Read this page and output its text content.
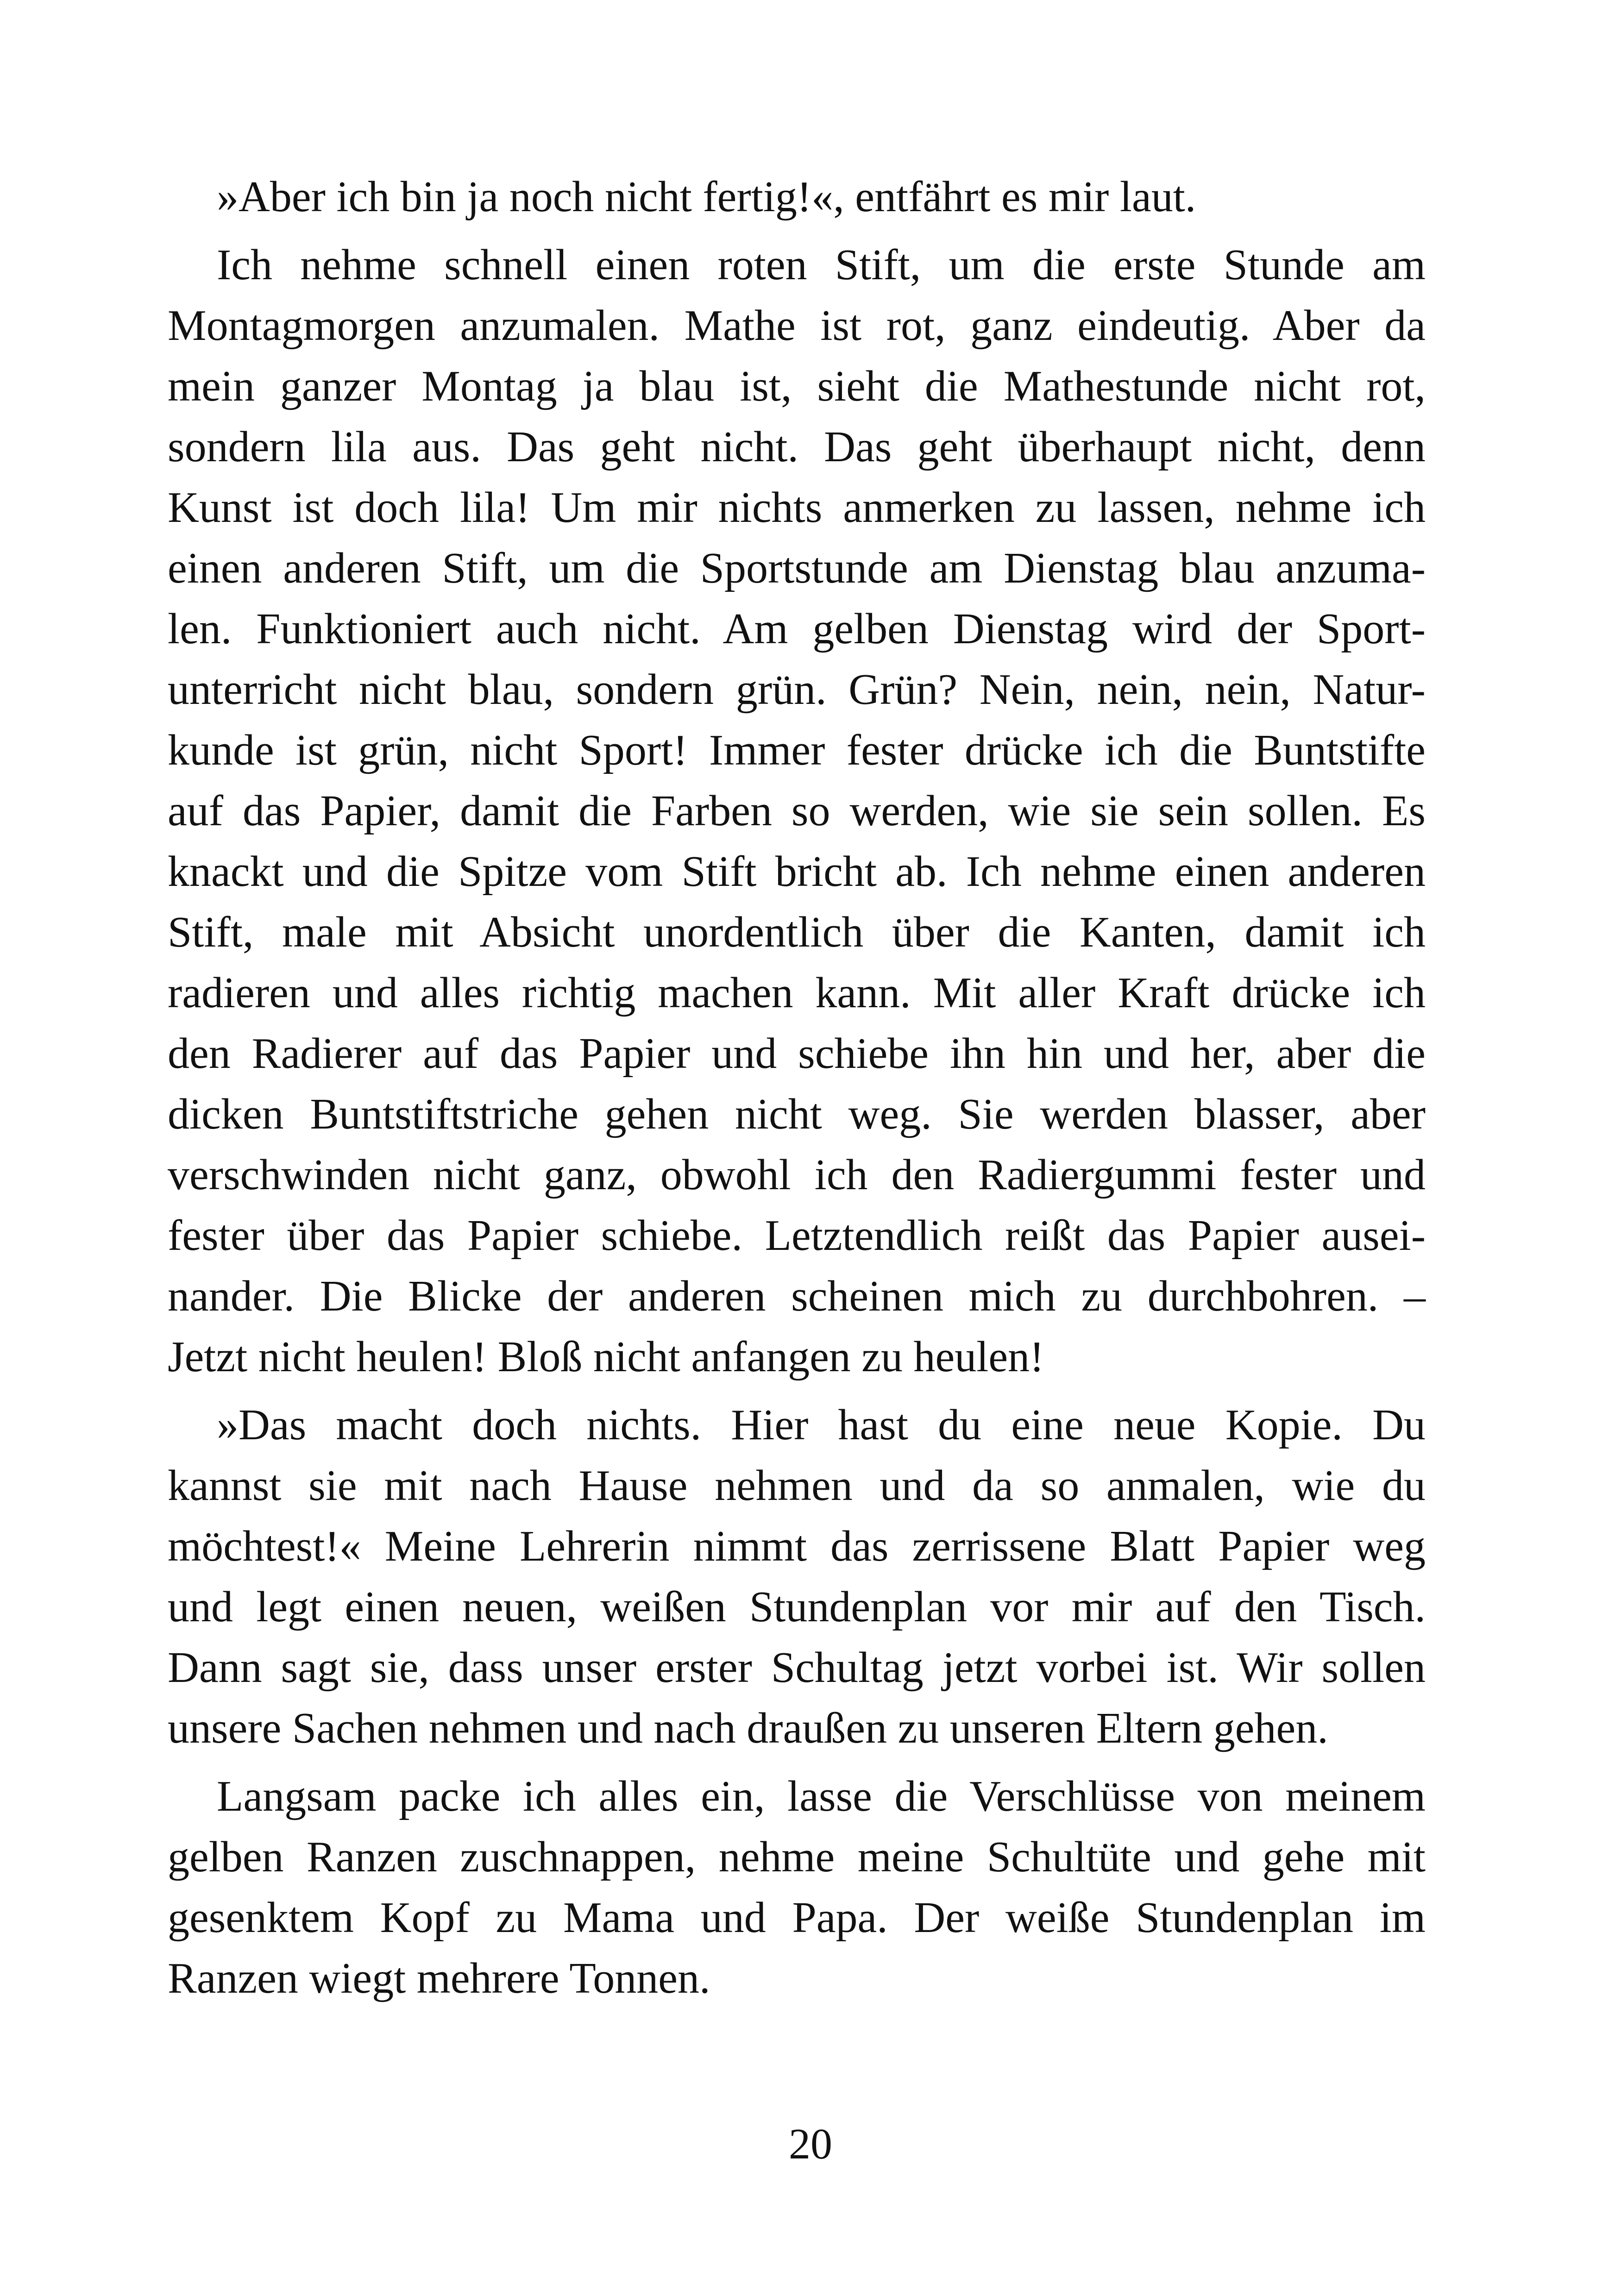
»Aber ich bin ja noch nicht fertig!«, entfährt es mir laut.
Ich nehme schnell einen roten Stift, um die erste Stunde am
Montagmorgen anzumalen. Mathe ist rot, ganz eindeutig. Aber da
mein ganzer Montag ja blau ist, sieht die Mathestunde nicht rot,
sondern lila aus. Das geht nicht. Das geht überhaupt nicht, denn
Kunst ist doch lila! Um mir nichts anmerken zu lassen, nehme ich
einen anderen Stift, um die Sportstunde am Dienstag blau anzuma-
len. Funktioniert auch nicht. Am gelben Dienstag wird der Sport-
unterricht nicht blau, sondern grün. Grün? Nein, nein, nein, Natur-
kunde ist grün, nicht Sport! Immer fester drücke ich die Buntstifte
auf das Papier, damit die Farben so werden, wie sie sein sollen. Es
knackt und die Spitze vom Stift bricht ab. Ich nehme einen anderen
Stift, male mit Absicht unordentlich über die Kanten, damit ich
radieren und alles richtig machen kann. Mit aller Kraft drücke ich
den Radierer auf das Papier und schiebe ihn hin und her, aber die
dicken Buntstiftstriche gehen nicht weg. Sie werden blasser, aber
verschwinden nicht ganz, obwohl ich den Radiergummi fester und
fester über das Papier schiebe. Letztendlich reißt das Papier ausei-
nander. Die Blicke der anderen scheinen mich zu durchbohren. –
Jetzt nicht heulen! Bloß nicht anfangen zu heulen!
»Das macht doch nichts. Hier hast du eine neue Kopie. Du
kannst sie mit nach Hause nehmen und da so anmalen, wie du
möchtest!« Meine Lehrerin nimmt das zerrissene Blatt Papier weg
und legt einen neuen, weißen Stundenplan vor mir auf den Tisch.
Dann sagt sie, dass unser erster Schultag jetzt vorbei ist. Wir sollen
unsere Sachen nehmen und nach draußen zu unseren Eltern gehen.
Langsam packe ich alles ein, lasse die Verschlüsse von meinem
gelben Ranzen zuschnappen, nehme meine Schultüte und gehe mit
gesenktem Kopf zu Mama und Papa. Der weiße Stundenplan im
Ranzen wiegt mehrere Tonnen.
20
